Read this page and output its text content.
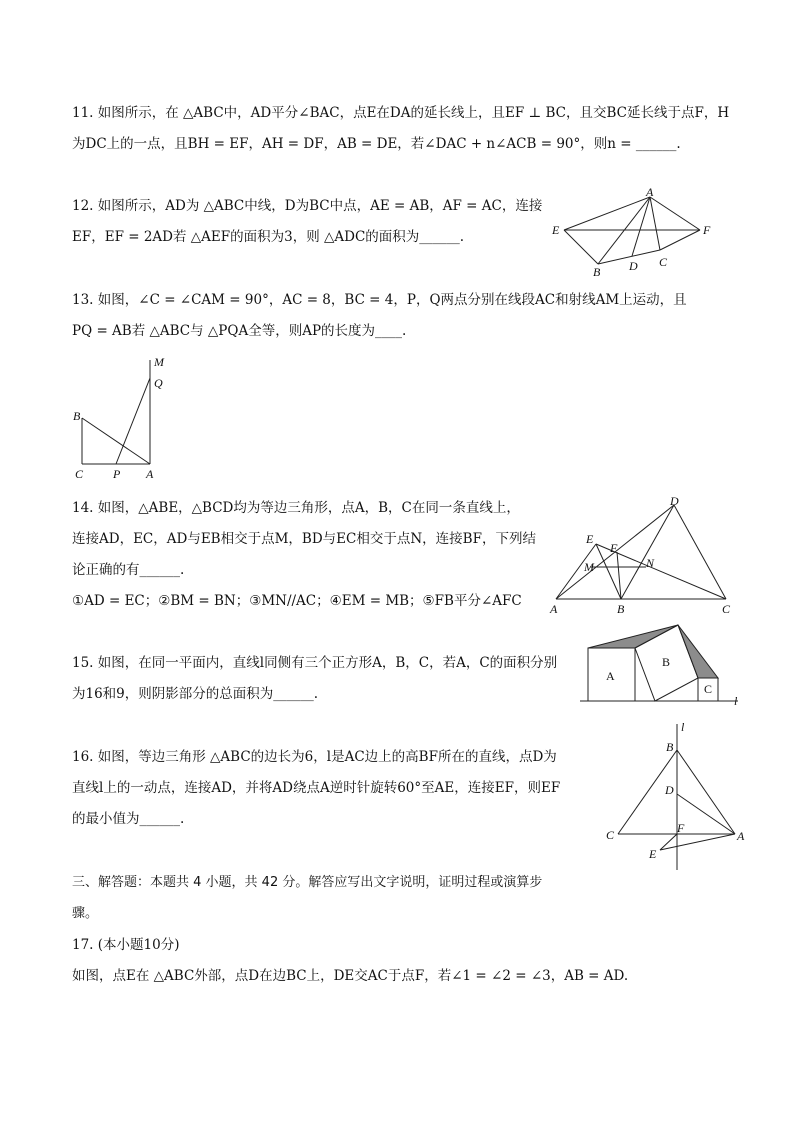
11. 如图所示，在 △ABC中，AD平分∠BAC，点E在DA的延长线上，且EF ⊥ BC，且交BC延长线于点F，H
为DC上的一点，且BH = EF，AH = DF，AB = DE，若∠DAC + n∠ACB = 90°，则n = ______.
12. 如图所示，AD为 △ABC中线，D为BC中点，AE = AB，AF = AC，连接
EF，EF = 2AD若 △AEF的面积为3，则 △ADC的面积为______.
A
E	F
B D C
13. 如图，∠C = ∠CAM = 90°，AC = 8，BC = 4，P，Q两点分别在线段AC和射线AM上运动，且
PQ = AB若 △ABC与 △PQA全等，则AP的长度为____.
M
Q
B
C P A
14. 如图，△ABE，△BCD均为等边三角形，点A，B，C在同一条直线上，
连接AD，EC，AD与EB相交于点M，BD与EC相交于点N，连接BF，下列结
论正确的有______.
①AD = EC；②BM = BN；③MN//AC；④EM = MB；⑤FB平分∠AFC
D
E
F
M	N
A	B	C
15. 如图，在同一平面内，直线l同侧有三个正方形A，B，C，若A，C的面积分别
为16和9，则阴影部分的总面积为______.
A
B
C
l
16. 如图，等边三角形 △ABC的边长为6，l是AC边上的高BF所在的直线，点D为
直线l上的一动点，连接AD，并将AD绕点A逆时针旋转60°至AE，连接EF，则EF
的最小值为______.
l
B
D
C	F
A
E
三、解答题：本题共 4 小题，共 42 分。解答应写出文字说明，证明过程或演算步
骤。
17. (本小题10分)
如图，点E在 △ABC外部，点D在边BC上，DE交AC于点F，若∠1 = ∠2 = ∠3，AB = AD.
